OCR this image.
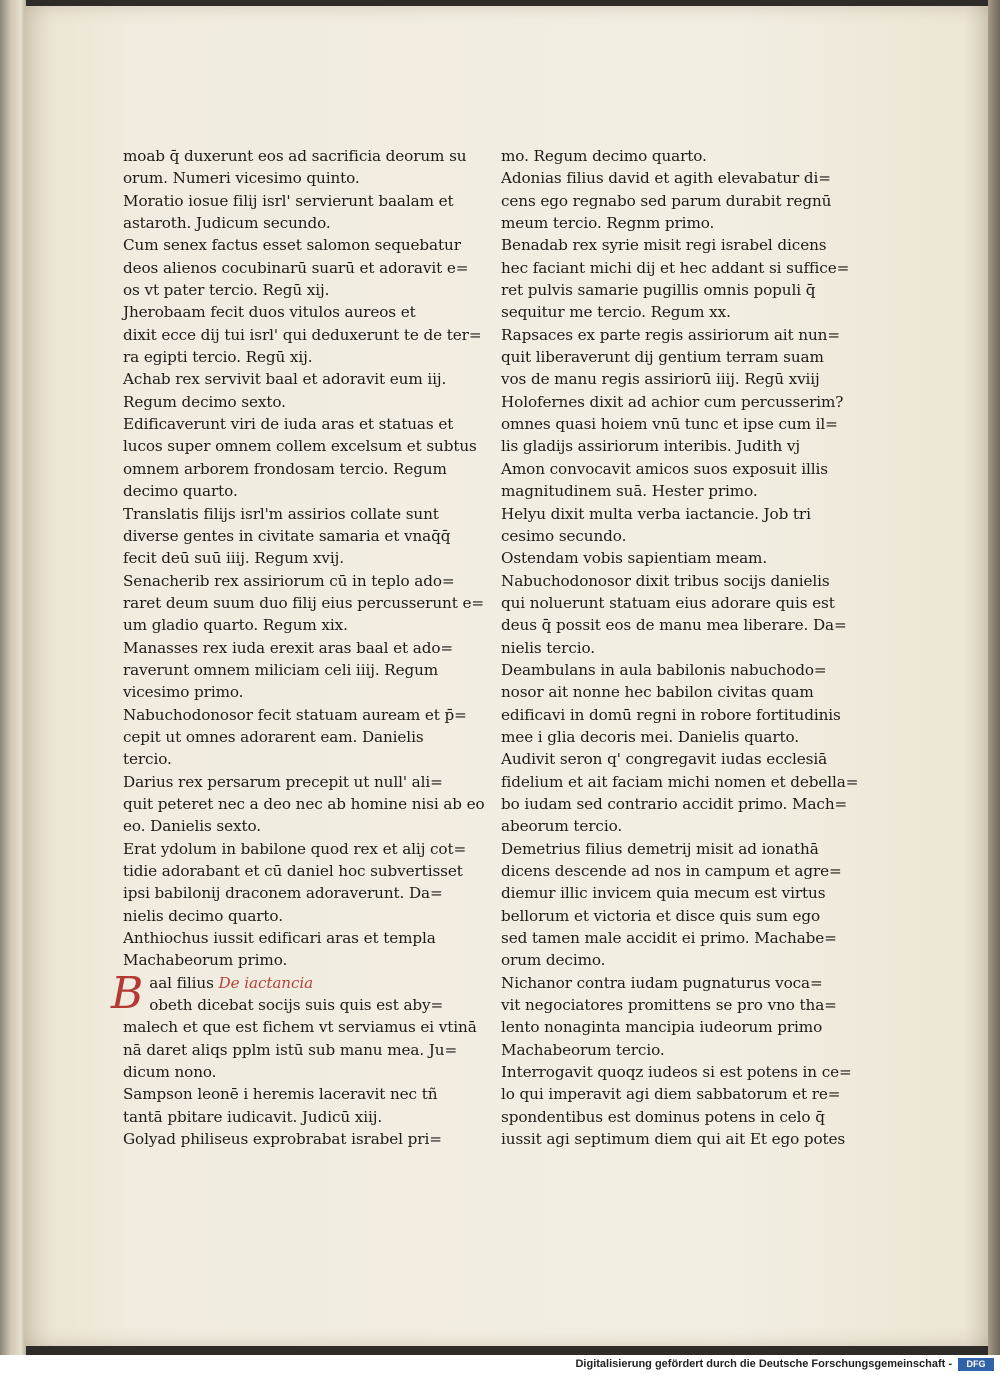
moab q̄ duxerunt eos ad sacrificia deorum su
orum. Numeri vicesimo quinto.
Moratio iosue filij isrl' servierunt baalam et
astaroth. Judicum secundo.
Cum senex factus esset salomon sequebatur
deos alienos cocubinarū suarū et adoravit e=
os vt pater tercio. Regū xij.
Jherobaam fecit duos vitulos aureos et
dixit ecce dij tui isrl' qui deduxerunt te de ter=
ra egipti tercio. Regū xij.
Achab rex servivit baal et adoravit eum iij.
Regum decimo sexto.
Edificaverunt viri de iuda aras et statuas et
lucos super omnem collem excelsum et subtus
omnem arborem frondosam tercio. Regum
decimo quarto.
Translatis filijs isrl'm assirios collate sunt
diverse gentes in civitate samaria et vnaq̄q̄
fecit deū suū iiij. Regum xvij.
Senacherib rex assiriorum cū in teplo ado=
raret deum suum duo filij eius percusserunt e=
um gladio quarto. Regum xix.
Manasses rex iuda erexit aras baal et ado=
raverunt omnem miliciam celi iiij. Regum
vicesimo primo.
Nabuchodonosor fecit statuam auream et p̄=
cepit ut omnes adorarent eam. Danielis
tercio.
Darius rex persarum precepit ut null' ali=
quit peteret nec a deo nec ab homine nisi ab eo
eo. Danielis sexto.
Erat ydolum in babilone quod rex et alij cot=
tidie adorabant et cū daniel hoc subvertisset
ipsi babilonij draconem adoraverunt. Da=
nielis decimo quarto.
Anthiochus iussit edificari aras et templa
Machabeorum primo.
Baal filius De iactancia
obeth dicebat socijs suis quis est aby=
malech et que est fichem vt serviamus ei vtinā
nā daret aliqs pplm istū sub manu mea. Ju=
dicum nono.
Sampson leonē i heremis laceravit nec tñ
tantā pbitare iudicavit. Judicū xiij.
Golyad philiseus exprobrabat israbel pri=
mo. Regum decimo quarto.
Adonias filius david et agith elevabatur di=
cens ego regnabo sed parum durabit regnū
meum tercio. Regnm primo.
Benadab rex syrie misit regi israbel dicens
hec faciant michi dij et hec addant si suffice=
ret pulvis samarie pugillis omnis populi q̄
sequitur me tercio. Regum xx.
Rapsaces ex parte regis assiriorum ait nun=
quit liberaverunt dij gentium terram suam
vos de manu regis assiriorū iiij. Regū xviij
Holofernes dixit ad achior cum percusserim?
omnes quasi hoiem vnū tunc et ipse cum il=
lis gladijs assiriorum interibis. Judith vj
Amon convocavit amicos suos exposuit illis
magnitudinem suā. Hester primo.
Helyu dixit multa verba iactancie. Job tri
cesimo secundo.
Ostendam vobis sapientiam meam.
Nabuchodonosor dixit tribus socijs danielis
qui noluerunt statuam eius adorare quis est
deus q̄ possit eos de manu mea liberare. Da=
nielis tercio.
Deambulans in aula babilonis nabuchodo=
nosor ait nonne hec babilon civitas quam
edificavi in domū regni in robore fortitudinis
mee i glia decoris mei. Danielis quarto.
Audivit seron q' congregavit iudas ecclesiā
fidelium et ait faciam michi nomen et debella=
bo iudam sed contrario accidit primo. Mach=
abeorum tercio.
Demetrius filius demetrij misit ad ionathā
dicens descende ad nos in campum et agre=
diemur illic invicem quia mecum est virtus
bellorum et victoria et disce quis sum ego
sed tamen male accidit ei primo. Machabe=
orum decimo.
Nichanor contra iudam pugnaturus voca=
vit negociatores promittens se pro vno tha=
lento nonaginta mancipia iudeorum primo
Machabeorum tercio.
Interrogavit quoqz iudeos si est potens in ce=
lo qui imperavit agi diem sabbatorum et re=
spondentibus est dominus potens in celo q̄
iussit agi septimum diem qui ait Et ego potes
Digitalisierung gefördert durch die Deutsche Forschungsgemeinschaft -	DFG
